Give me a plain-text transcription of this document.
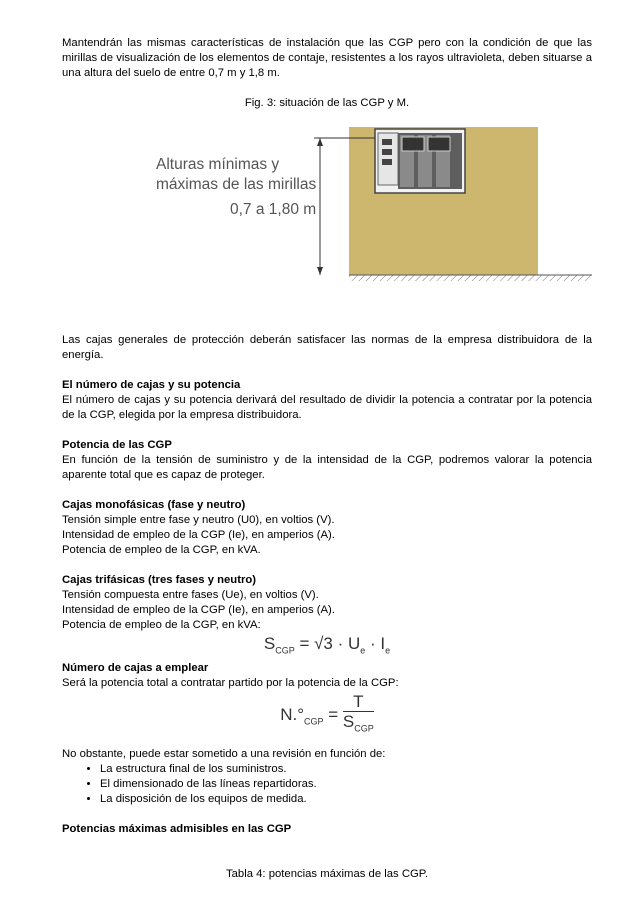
Mantendrán las mismas características de instalación que las CGP pero con la condición de que las mirillas de visualización de los elementos de contaje, resistentes a los rayos ultravioleta, deben situarse a una altura del suelo de entre 0,7 m y 1,8 m.

Fig. 3: situación de las CGP y M.

Alturas mínimas y
máximas de las mirillas
0,7 a 1,80 m

Las cajas generales de protección deberán satisfacer las normas de la empresa distribuidora de la energía.

El número de cajas y su potencia

El número de cajas y su potencia derivará del resultado de dividir la potencia a contratar por la potencia de la CGP, elegida por la empresa distribuidora.

Potencia de las CGP

En función de la tensión de suministro y de la intensidad de la CGP, podremos valorar la potencia aparente total que es capaz de proteger.

Cajas monofásicas (fase y neutro)

Tensión simple entre fase y neutro (U0), en voltios (V).

Intensidad de empleo de la CGP (Ie), en amperios (A).

Potencia de empleo de la CGP, en kVA.

Cajas trifásicas (tres fases y neutro)

Tensión compuesta entre fases (Ue), en voltios (V).

Intensidad de empleo de la CGP (Ie), en amperios (A).

Potencia de empleo de la CGP, en kVA:

$S_{CGP} = √3 \cdot U_e \cdot I_e$

Número de cajas a emplear

Será la potencia total a contratar partido por la potencia de la CGP:

$N.^\circ_{CGP} = \frac{T}{S_{CGP}}$

No obstante, puede estar sometido a una revisión en función de:

• La estructura final de los suministros.
• El dimensionado de las líneas repartidoras.
• La disposición de los equipos de medida.

Potencias máximas admisibles en las CGP

Tabla 4: potencias máximas de las CGP.
